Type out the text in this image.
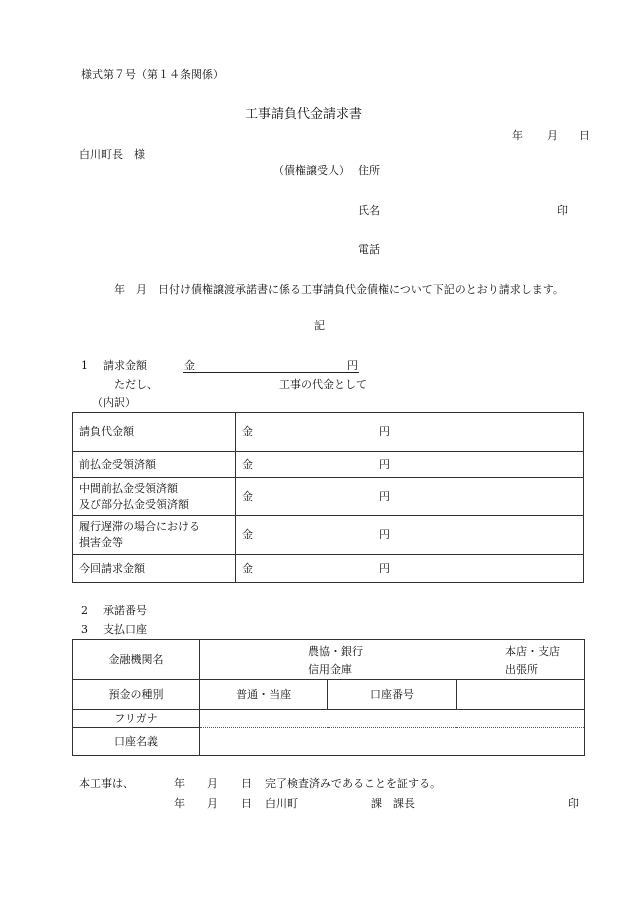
様式第７号（第１４条関係）
工事請負代金請求書
年 月 日
白川町長　様
（債権譲受人） 住所
氏名	印
電話
年　月　日付け債権譲渡承諾書に係る工事請負代金債権について下記のとおり請求します。
記
1 請求金額	金	円
ただし、	工事の代金として
（内訳）
請負代金額	金 円
前払金受領済額	金 円
中間前払金受領済額
及び部分払金受領済額	金 円
履行遅滞の場合における
損害金等	金 円
今回請求金額	金 円
2 承諾番号
3 支払口座
金融機関名	農協・銀行
信用金庫
本店・支店
出張所		

預金の種別	普通・当座	口座番号	
フリガナ			
口座名義			
本工事は、	年 月 日 完了検査済みであることを証する。
年 月 日 白川町	課 課長	印
